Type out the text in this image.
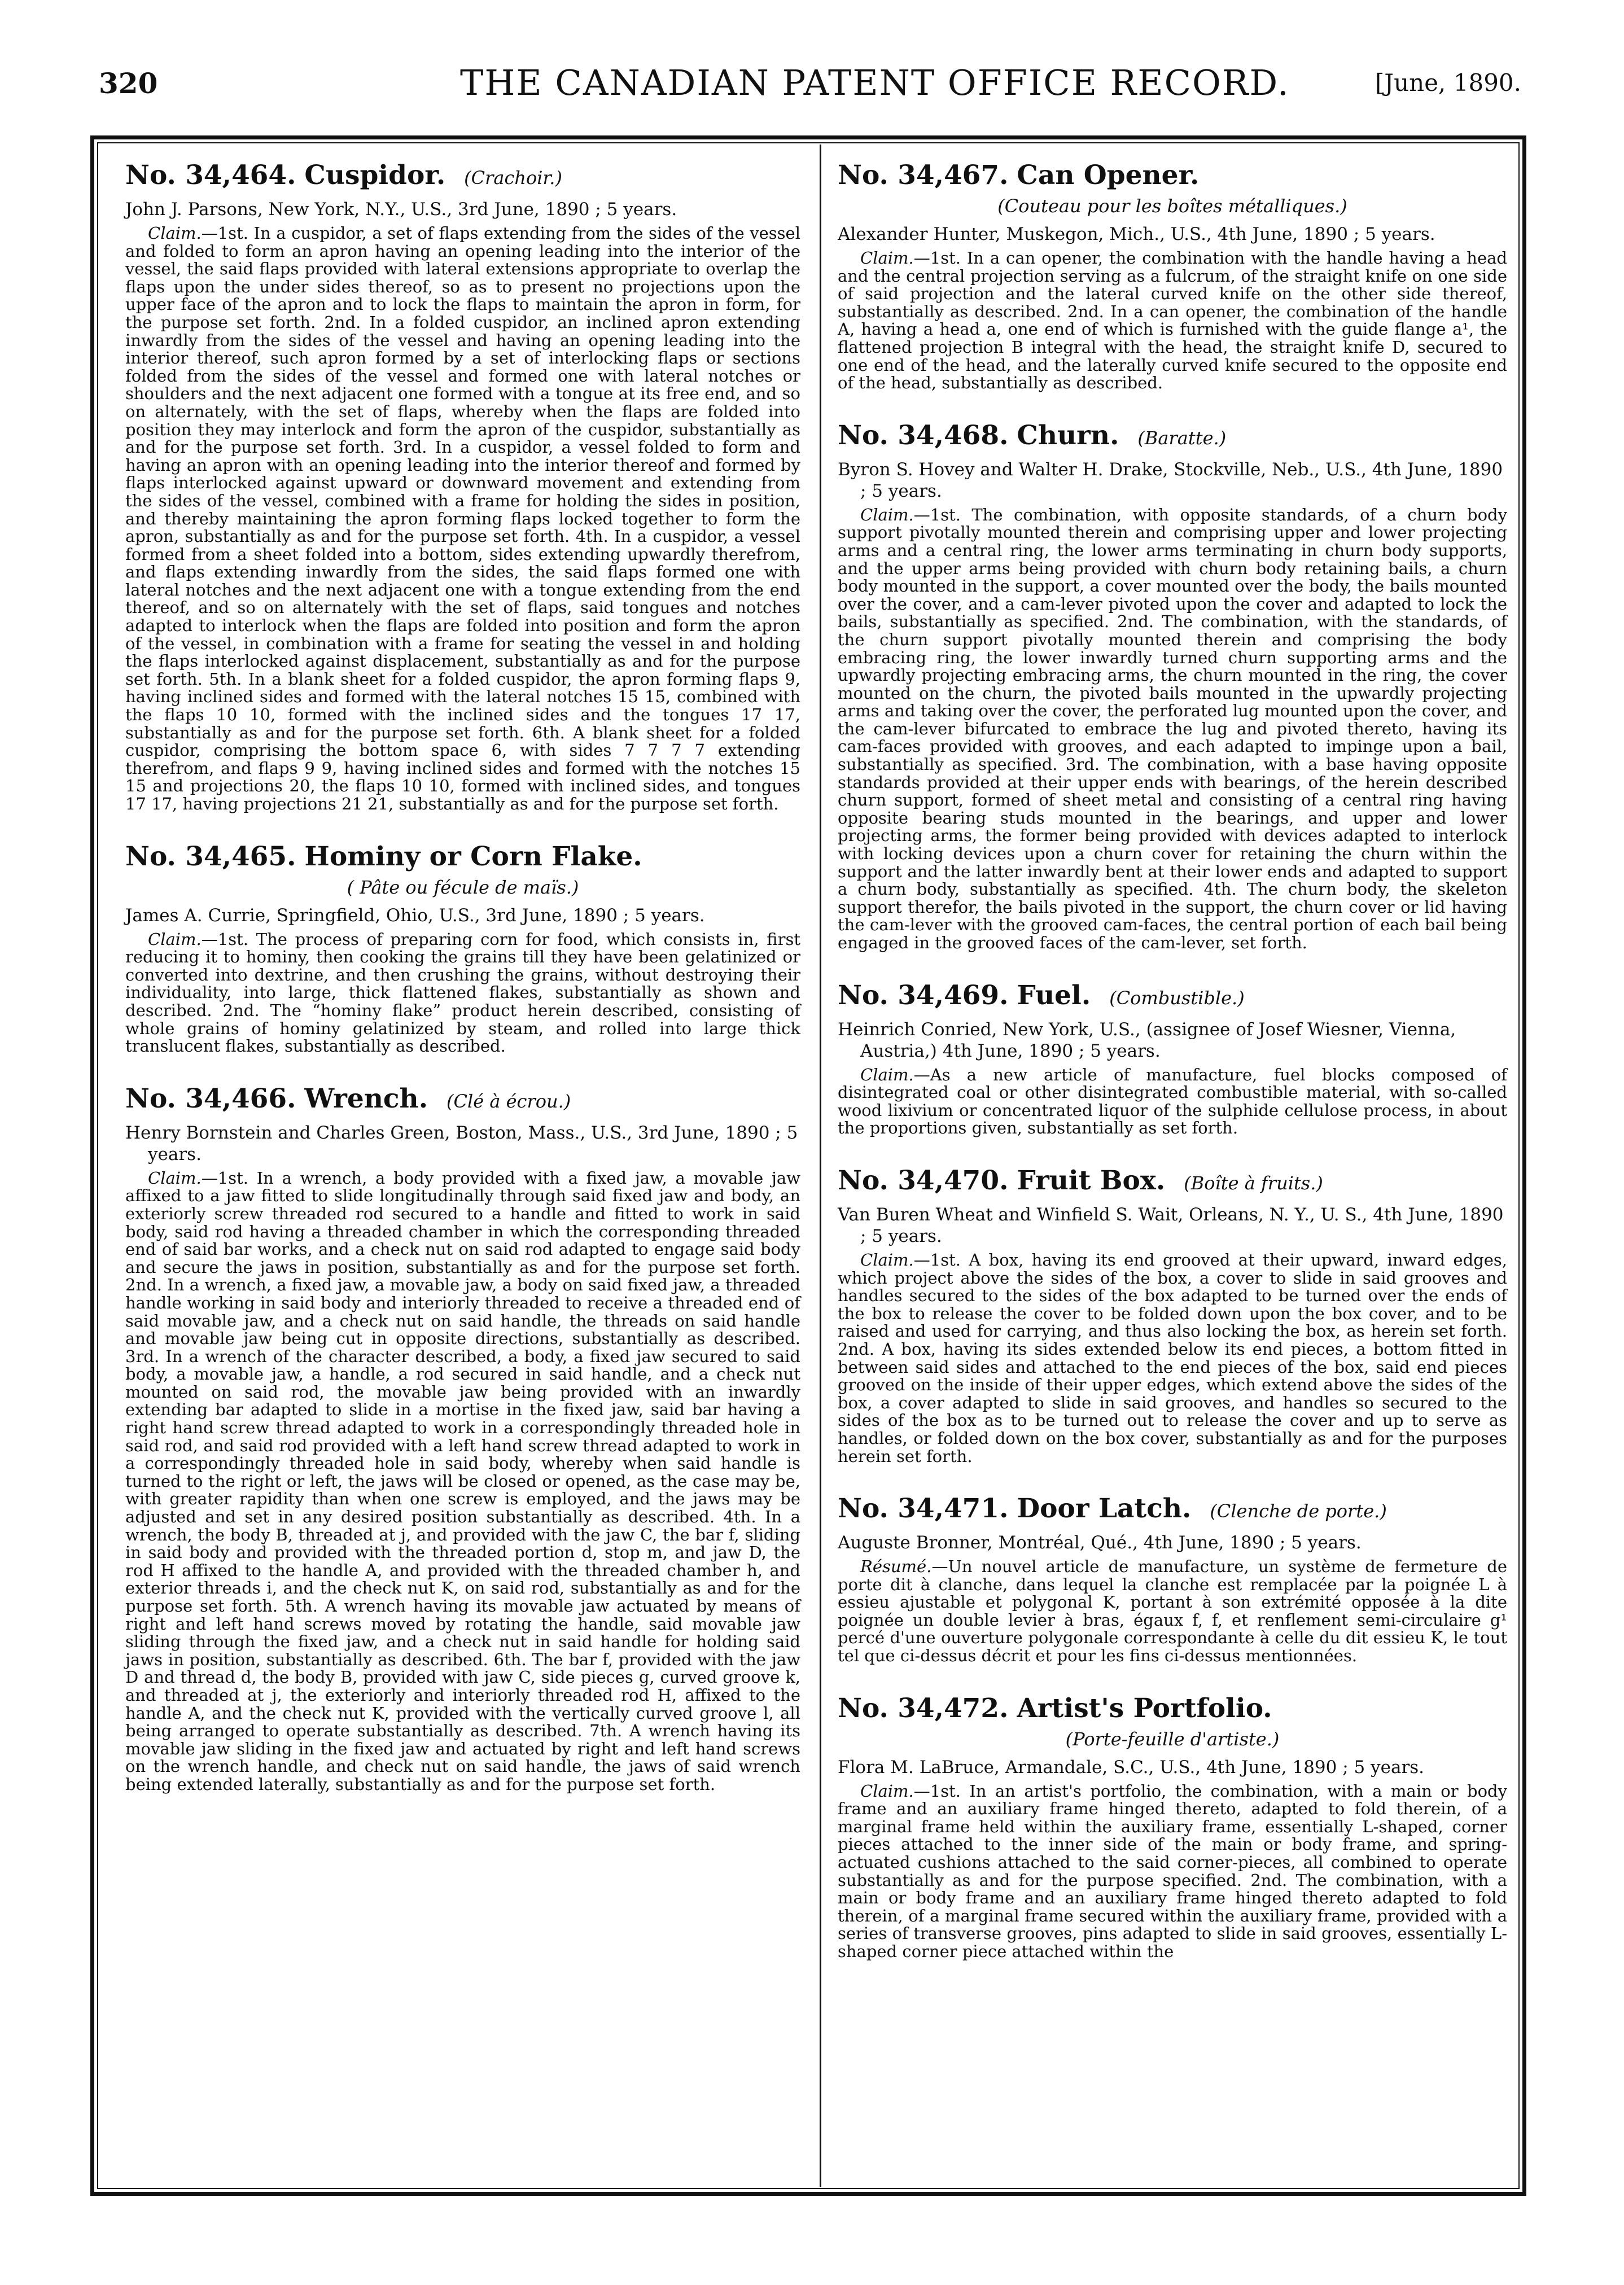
320	THE CANADIAN PATENT OFFICE RECORD.	[June, 1890.
No. 34,464. Cuspidor. (Crachoir.)

John J. Parsons, New York, N.Y., U.S., 3rd June, 1890 ; 5 years.

Claim.—1st. In a cuspidor, a set of flaps extending from the sides of the vessel and folded to form an apron having an opening leading into the interior of the vessel, the said flaps provided with lateral extensions appropriate to overlap the flaps upon the under sides thereof, so as to present no projections upon the upper face of the apron and to lock the flaps to maintain the apron in form, for the purpose set forth. 2nd. In a folded cuspidor, an inclined apron extending inwardly from the sides of the vessel and having an opening leading into the interior thereof, such apron formed by a set of interlocking flaps or sections folded from the sides of the vessel and formed one with lateral notches or shoulders and the next adjacent one formed with a tongue at its free end, and so on alternately, with the set of flaps, whereby when the flaps are folded into position they may interlock and form the apron of the cuspidor, substantially as and for the purpose set forth. 3rd. In a cuspidor, a vessel folded to form and having an apron with an opening leading into the interior thereof and formed by flaps interlocked against upward or downward movement and extending from the sides of the vessel, combined with a frame for holding the sides in position, and thereby maintaining the apron forming flaps locked together to form the apron, substantially as and for the purpose set forth. 4th. In a cuspidor, a vessel formed from a sheet folded into a bottom, sides extending upwardly therefrom, and flaps extending inwardly from the sides, the said flaps formed one with lateral notches and the next adjacent one with a tongue extending from the end thereof, and so on alternately with the set of flaps, said tongues and notches adapted to interlock when the flaps are folded into position and form the apron of the vessel, in combination with a frame for seating the vessel in and holding the flaps interlocked against displacement, substantially as and for the purpose set forth. 5th. In a blank sheet for a folded cuspidor, the apron forming flaps 9, having inclined sides and formed with the lateral notches 15 15, combined with the flaps 10 10, formed with the inclined sides and the tongues 17 17, substantially as and for the purpose set forth. 6th. A blank sheet for a folded cuspidor, comprising the bottom space 6, with sides 7 7 7 7 extending therefrom, and flaps 9 9, having inclined sides and formed with the notches 15 15 and projections 20, the flaps 10 10, formed with inclined sides, and tongues 17 17, having projections 21 21, substantially as and for the purpose set forth.

No. 34,465. Hominy or Corn Flake.

( Pâte ou fécule de maïs.)

James A. Currie, Springfield, Ohio, U.S., 3rd June, 1890 ; 5 years.

Claim.—1st. The process of preparing corn for food, which consists in, first reducing it to hominy, then cooking the grains till they have been gelatinized or converted into dextrine, and then crushing the grains, without destroying their individuality, into large, thick flattened flakes, substantially as shown and described. 2nd. The “hominy flake” product herein described, consisting of whole grains of hominy gelatinized by steam, and rolled into large thick translucent flakes, substantially as described.

No. 34,466. Wrench. (Clé à écrou.)

Henry Bornstein and Charles Green, Boston, Mass., U.S., 3rd June, 1890 ; 5 years.

Claim.—1st. In a wrench, a body provided with a fixed jaw, a movable jaw affixed to a jaw fitted to slide longitudinally through said fixed jaw and body, an exteriorly screw threaded rod secured to a handle and fitted to work in said body, said rod having a threaded chamber in which the corresponding threaded end of said bar works, and a check nut on said rod adapted to engage said body and secure the jaws in position, substantially as and for the purpose set forth. 2nd. In a wrench, a fixed jaw, a movable jaw, a body on said fixed jaw, a threaded handle working in said body and interiorly threaded to receive a threaded end of said movable jaw, and a check nut on said handle, the threads on said handle and movable jaw being cut in opposite directions, substantially as described. 3rd. In a wrench of the character described, a body, a fixed jaw secured to said body, a movable jaw, a handle, a rod secured in said handle, and a check nut mounted on said rod, the movable jaw being provided with an inwardly extending bar adapted to slide in a mortise in the fixed jaw, said bar having a right hand screw thread adapted to work in a correspondingly threaded hole in said rod, and said rod provided with a left hand screw thread adapted to work in a correspondingly threaded hole in said body, whereby when said handle is turned to the right or left, the jaws will be closed or opened, as the case may be, with greater rapidity than when one screw is employed, and the jaws may be adjusted and set in any desired position substantially as described. 4th. In a wrench, the body B, threaded at j, and provided with the jaw C, the bar f, sliding in said body and provided with the threaded portion d, stop m, and jaw D, the rod H affixed to the handle A, and provided with the threaded chamber h, and exterior threads i, and the check nut K, on said rod, substantially as and for the purpose set forth. 5th. A wrench having its movable jaw actuated by means of right and left hand screws moved by rotating the handle, said movable jaw sliding through the fixed jaw, and a check nut in said handle for holding said jaws in position, substantially as described. 6th. The bar f, provided with the jaw D and thread d, the body B, provided with jaw C, side pieces g, curved groove k, and threaded at j, the exteriorly and interiorly threaded rod H, affixed to the handle A, and the check nut K, provided with the vertically curved groove l, all being arranged to operate substantially as described. 7th. A wrench having its movable jaw sliding in the fixed jaw and actuated by right and left hand screws on the wrench handle, and check nut on said handle, the jaws of said wrench being extended laterally, substantially as and for the purpose set forth.

No. 34,467. Can Opener.

(Couteau pour les boîtes métalliques.)

Alexander Hunter, Muskegon, Mich., U.S., 4th June, 1890 ; 5 years.

Claim.—1st. In a can opener, the combination with the handle having a head and the central projection serving as a fulcrum, of the straight knife on one side of said projection and the lateral curved knife on the other side thereof, substantially as described. 2nd. In a can opener, the combination of the handle A, having a head a, one end of which is furnished with the guide flange a¹, the flattened projection B integral with the head, the straight knife D, secured to one end of the head, and the laterally curved knife secured to the opposite end of the head, substantially as described.

No. 34,468. Churn. (Baratte.)

Byron S. Hovey and Walter H. Drake, Stockville, Neb., U.S., 4th June, 1890 ; 5 years.

Claim.—1st. The combination, with opposite standards, of a churn body support pivotally mounted therein and comprising upper and lower projecting arms and a central ring, the lower arms terminating in churn body supports, and the upper arms being provided with churn body retaining bails, a churn body mounted in the support, a cover mounted over the body, the bails mounted over the cover, and a cam-lever pivoted upon the cover and adapted to lock the bails, substantially as specified. 2nd. The combination, with the standards, of the churn support pivotally mounted therein and comprising the body embracing ring, the lower inwardly turned churn supporting arms and the upwardly projecting embracing arms, the churn mounted in the ring, the cover mounted on the churn, the pivoted bails mounted in the upwardly projecting arms and taking over the cover, the perforated lug mounted upon the cover, and the cam-lever bifurcated to embrace the lug and pivoted thereto, having its cam-faces provided with grooves, and each adapted to impinge upon a bail, substantially as specified. 3rd. The combination, with a base having opposite standards provided at their upper ends with bearings, of the herein described churn support, formed of sheet metal and consisting of a central ring having opposite bearing studs mounted in the bearings, and upper and lower projecting arms, the former being provided with devices adapted to interlock with locking devices upon a churn cover for retaining the churn within the support and the latter inwardly bent at their lower ends and adapted to support a churn body, substantially as specified. 4th. The churn body, the skeleton support therefor, the bails pivoted in the support, the churn cover or lid having the cam-lever with the grooved cam-faces, the central portion of each bail being engaged in the grooved faces of the cam-lever, set forth.

No. 34,469. Fuel. (Combustible.)

Heinrich Conried, New York, U.S., (assignee of Josef Wiesner, Vienna, Austria,) 4th June, 1890 ; 5 years.

Claim.—As a new article of manufacture, fuel blocks composed of disintegrated coal or other disintegrated combustible material, with so-called wood lixivium or concentrated liquor of the sulphide cellulose process, in about the proportions given, substantially as set forth.

No. 34,470. Fruit Box. (Boîte à fruits.)

Van Buren Wheat and Winfield S. Wait, Orleans, N. Y., U. S., 4th June, 1890 ; 5 years.

Claim.—1st. A box, having its end grooved at their upward, inward edges, which project above the sides of the box, a cover to slide in said grooves and handles secured to the sides of the box adapted to be turned over the ends of the box to release the cover to be folded down upon the box cover, and to be raised and used for carrying, and thus also locking the box, as herein set forth. 2nd. A box, having its sides extended below its end pieces, a bottom fitted in between said sides and attached to the end pieces of the box, said end pieces grooved on the inside of their upper edges, which extend above the sides of the box, a cover adapted to slide in said grooves, and handles so secured to the sides of the box as to be turned out to release the cover and up to serve as handles, or folded down on the box cover, substantially as and for the purposes herein set forth.

No. 34,471. Door Latch. (Clenche de porte.)

Auguste Bronner, Montréal, Qué., 4th June, 1890 ; 5 years.

Résumé.—Un nouvel article de manufacture, un système de fermeture de porte dit à clanche, dans lequel la clanche est remplacée par la poignée L à essieu ajustable et polygonal K, portant à son extrémité opposée à la dite poignée un double levier à bras, égaux f, f, et renflement semi-circulaire g¹ percé d'une ouverture polygonale correspondante à celle du dit essieu K, le tout tel que ci-dessus décrit et pour les fins ci-dessus mentionnées.

No. 34,472. Artist's Portfolio.

(Porte-feuille d'artiste.)

Flora M. LaBruce, Armandale, S.C., U.S., 4th June, 1890 ; 5 years.

Claim.—1st. In an artist's portfolio, the combination, with a main or body frame and an auxiliary frame hinged thereto, adapted to fold therein, of a marginal frame held within the auxiliary frame, essentially L-shaped, corner pieces attached to the inner side of the main or body frame, and spring-actuated cushions attached to the said corner-pieces, all combined to operate substantially as and for the purpose specified. 2nd. The combination, with a main or body frame and an auxiliary frame hinged thereto adapted to fold therein, of a marginal frame secured within the auxiliary frame, provided with a series of transverse grooves, pins adapted to slide in said grooves, essentially L-shaped corner piece attached within the
